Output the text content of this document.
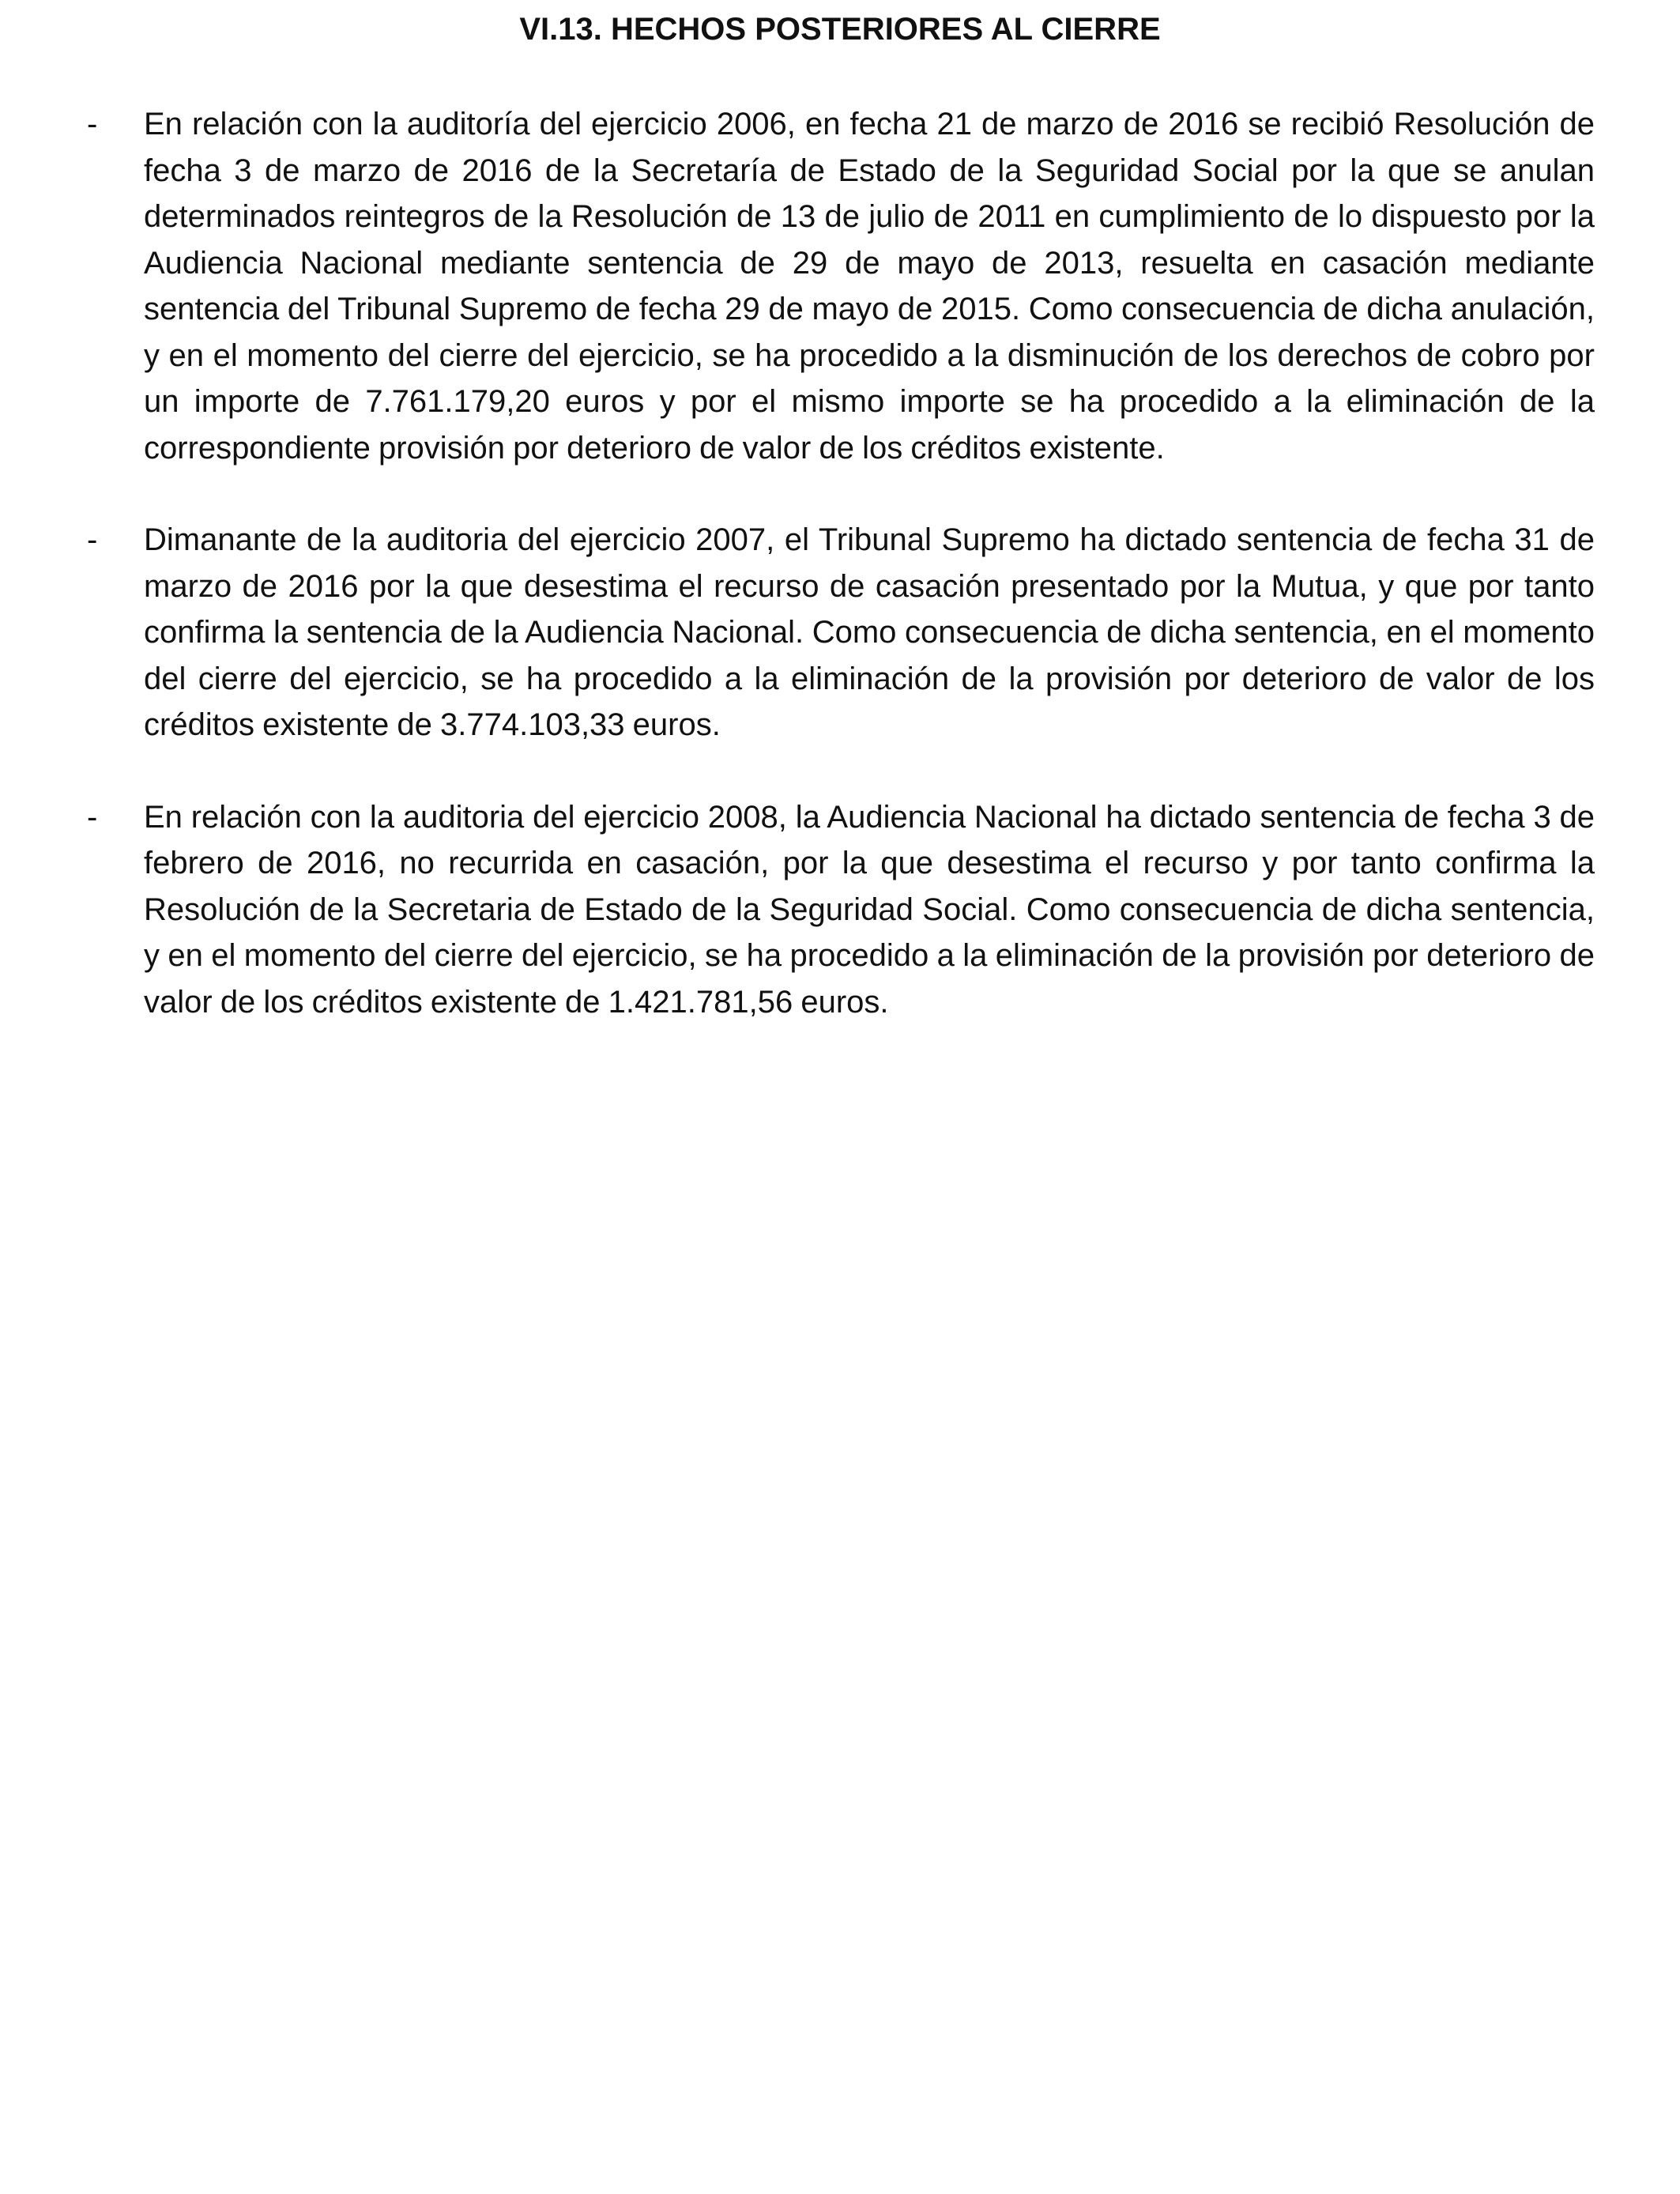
VI.13. HECHOS POSTERIORES AL CIERRE
- En relación con la auditoría del ejercicio 2006, en fecha 21 de marzo de 2016 se recibió Resolución de fecha 3 de marzo de 2016 de la Secretaría de Estado de la Seguridad Social por la que se anulan determinados reintegros de la Resolución de 13 de julio de 2011 en cumplimiento de lo dispuesto por la Audiencia Nacional mediante sentencia de 29 de mayo de 2013, resuelta en casación mediante sentencia del Tribunal Supremo de fecha 29 de mayo de 2015. Como consecuencia de dicha anulación, y en el momento del cierre del ejercicio, se ha procedido a la disminución de los derechos de cobro por un importe de 7.761.179,20 euros y por el mismo importe se ha procedido a la eliminación de la correspondiente provisión por deterioro de valor de los créditos existente.
- Dimanante de la auditoria del ejercicio 2007, el Tribunal Supremo ha dictado sentencia de fecha 31 de marzo de 2016 por la que desestima el recurso de casación presentado por la Mutua, y que por tanto confirma la sentencia de la Audiencia Nacional. Como consecuencia de dicha sentencia, en el momento del cierre del ejercicio, se ha procedido a la eliminación de la provisión por deterioro de valor de los créditos existente de 3.774.103,33 euros.
- En relación con la auditoria del ejercicio 2008, la Audiencia Nacional ha dictado sentencia de fecha 3 de febrero de 2016, no recurrida en casación, por la que desestima el recurso y por tanto confirma la Resolución de la Secretaria de Estado de la Seguridad Social. Como consecuencia de dicha sentencia, y en el momento del cierre del ejercicio, se ha procedido a la eliminación de la provisión por deterioro de valor de los créditos existente de 1.421.781,56 euros.
